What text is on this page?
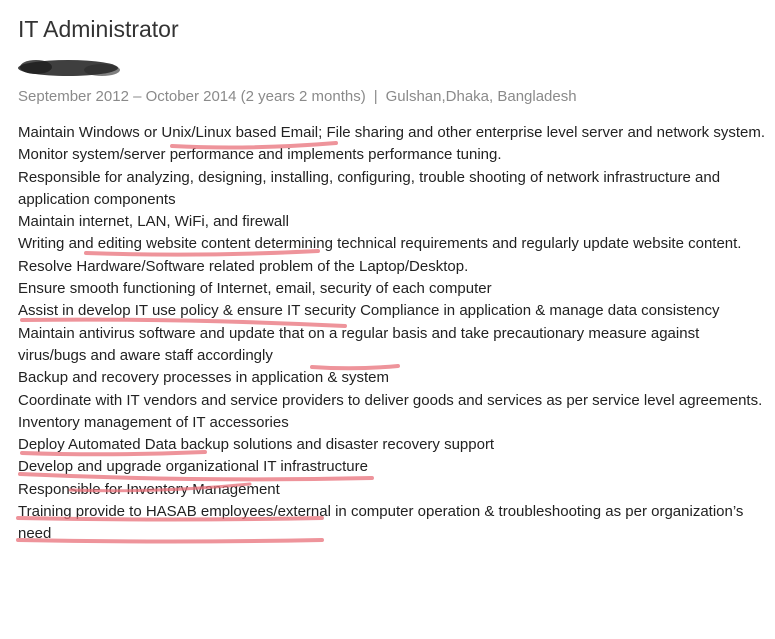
IT Administrator
September 2012 – October 2014 (2 years 2 months) | Gulshan,Dhaka, Bangladesh
Maintain Windows or Unix/Linux based Email; File sharing and other enterprise level server and network system.
Monitor system/server performance and implements performance tuning.
Responsible for analyzing, designing, installing, configuring, trouble shooting of network infrastructure and application components
Maintain internet, LAN, WiFi, and firewall
Writing and editing website content determining technical requirements and regularly update website content.
Resolve Hardware/Software related problem of the Laptop/Desktop.
Ensure smooth functioning of Internet, email, security of each computer
Assist in develop IT use policy & ensure IT security Compliance in application & manage data consistency
Maintain antivirus software and update that on a regular basis and take precautionary measure against virus/bugs and aware staff accordingly
Backup and recovery processes in application & system
Coordinate with IT vendors and service providers to deliver goods and services as per service level agreements.
Inventory management of IT accessories
Deploy Automated Data backup solutions and disaster recovery support
Develop and upgrade organizational IT infrastructure
Responsible for Inventory Management
Training provide to HASAB employees/external in computer operation & troubleshooting as per organization’s need
